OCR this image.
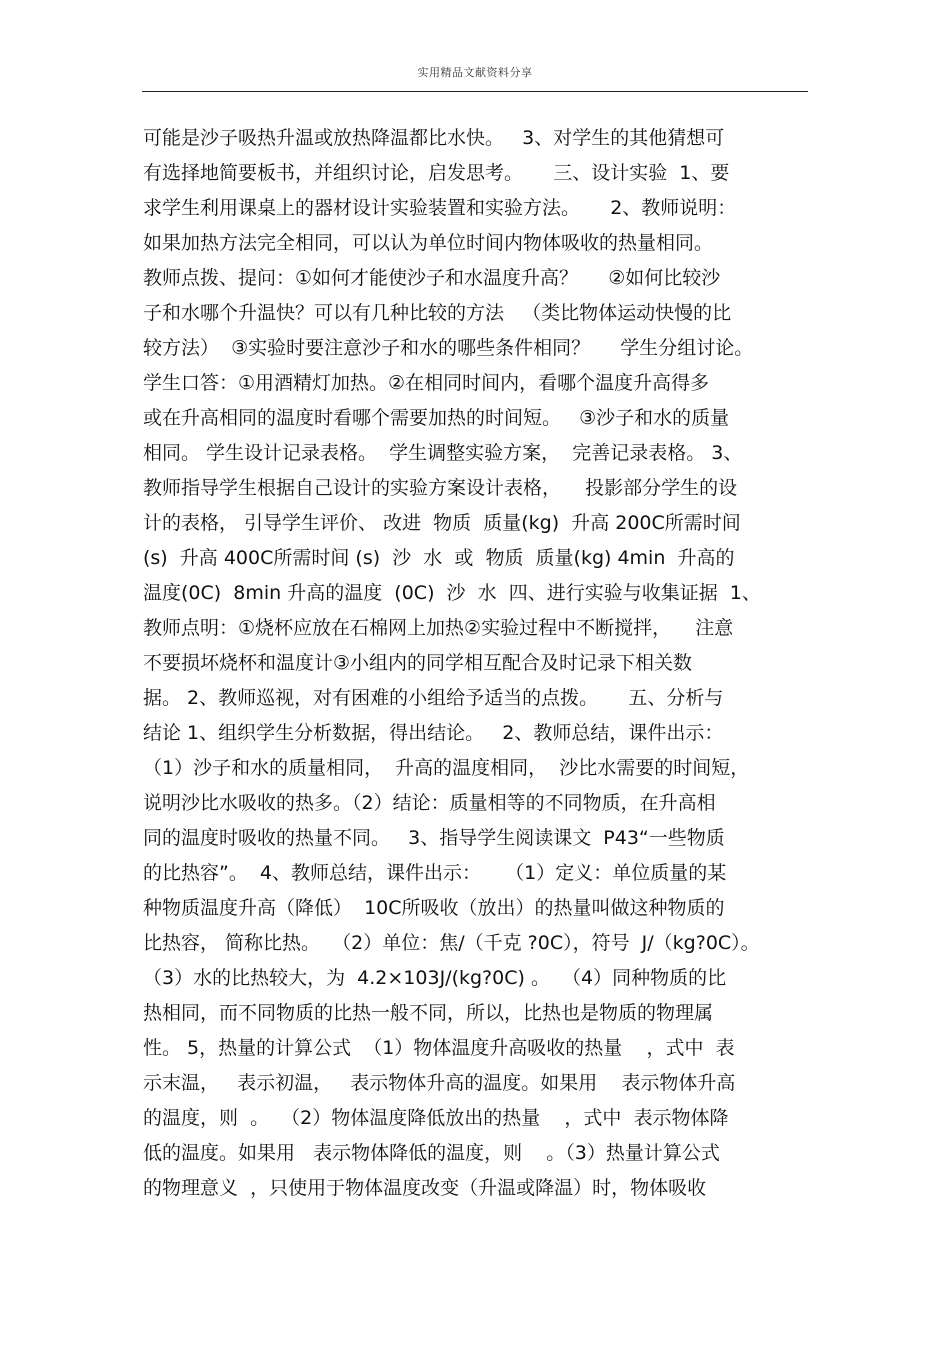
实用精品文献资料分享
可能是沙子吸热升温或放热降温都比水快。   3、对学生的其他猜想可
有选择地简要板书，并组织讨论，启发思考。     三、设计实验  1、要
求学生利用课桌上的器材设计实验装置和实验方法。     2、教师说明：
如果加热方法完全相同，可以认为单位时间内物体吸收的热量相同。
教师点拨、提问：①如何才能使沙子和水温度升高？     ②如何比较沙
子和水哪个升温快？可以有几种比较的方法   （类比物体运动快慢的比
较方法）  ③实验时要注意沙子和水的哪些条件相同？     学生分组讨论。
学生口答：①用酒精灯加热。②在相同时间内，看哪个温度升高得多
或在升高相同的温度时看哪个需要加热的时间短。   ③沙子和水的质量
相同。 学生设计记录表格。  学生调整实验方案，  完善记录表格。 3、
教师指导学生根据自己设计的实验方案设计表格，    投影部分学生的设
计的表格， 引导学生评价、 改进  物质  质量(kg)  升高 200C所需时间
(s)  升高 400C所需时间 (s)  沙  水  或  物质  质量(kg) 4min  升高的
温度(0C)  8min 升高的温度  (0C)  沙  水  四、进行实验与收集证据  1、
教师点明：①烧杯应放在石棉网上加热②实验过程中不断搅拌，    注意
不要损坏烧杯和温度计③小组内的同学相互配合及时记录下相关数
据。 2、教师巡视，对有困难的小组给予适当的点拨。     五、分析与
结论 1、组织学生分析数据，得出结论。   2、教师总结，课件出示：
（1）沙子和水的质量相同，  升高的温度相同，  沙比水需要的时间短，
说明沙比水吸收的热多。（2）结论：质量相等的不同物质，在升高相
同的温度时吸收的热量不同。   3、指导学生阅读课文  P43“一些物质
的比热容”。  4、教师总结，课件出示：    （1）定义：单位质量的某
种物质温度升高（降低）  10C所吸收（放出）的热量叫做这种物质的
比热容， 简称比热。  （2）单位：焦/（千克 ?0C），符号  J/（kg?0C）。
（3）水的比热较大，为  4.2×103J/(kg?0C) 。  （4）同种物质的比
热相同，而不同物质的比热一般不同，所以，比热也是物质的物理属
性。 5，热量的计算公式  （1）物体温度升高吸收的热量    ，式中  表
示末温，   表示初温，   表示物体升高的温度。如果用    表示物体升高
的温度，则  。  （2）物体温度降低放出的热量    ，式中  表示物体降
低的温度。如果用   表示物体降低的温度，则    。（3）热量计算公式
的物理意义  ，只使用于物体温度改变（升温或降温）时，物体吸收
